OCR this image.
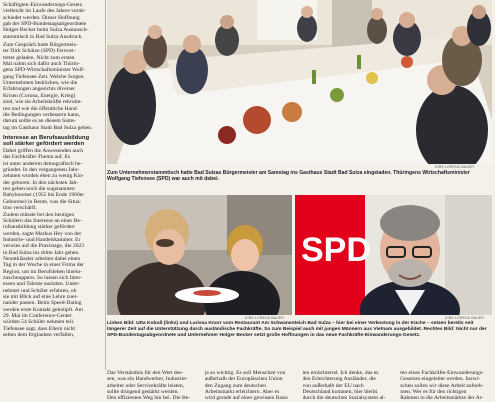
Schäftigten-Einwanderungs-Gesetz
vielleicht im Laufe des Jahres verab-
schiedet werden. Dieser Hoffnung
gab der SPD-Bundestagsabgeordnete
Holger Becker beim Sulza Austausch-
stammtisch in Bad Sulza Ausdruck.
Zum Gespräch hatte Bürgermeis-
ter Dirk Schütze (SPD) Fernver-
treter geladen. Nicht zum ersten
Mal nahm sich dafür auch Thürin-
gens SPD-Wirtschaftsminister Wolf-
gang Tiefensee Zeit. Welche Sorgen
Unternehmen bedrücken, wie die
Erfahrungen angesichts diverser
Krisen (Corona, Energie, Krieg)
sind, wie sie Arbeitskräfte rekrutie-
ren und wie die öffentliche Hand
die Bedingungen verbessern kann,
darum sollte es an diesem Sams-
tag im Gasthaus Stadt Bad Sulza gehen.
Interesse an Berufsausbildung
soll stärker gefördert werden
Dabei griffen die Anwesenden auch
das Fachkräfte-Thema auf. Es
ist unter anderem demografisch be-
gründet. In den vergangenen Jahr-
zehnten wurden eben zu wenig Kin-
der geboren. In den nächsten Jah-
ren gehen noch die sogenannten
Babyboomer (1955 bis Ende 1960er
Geborene) in Rente, was die Situa-
tion verschärft.
Zudem müsste bei den heutigen
Schülern das Interesse an einer Be-
rufsausbildung stärker gefördert
werden, sagte Markus Hey von der
Industrie- und Handelskammer. Er
verwies auf die Praxistage, die 2023
in Bad Sulza ins dritte Jahr gehen.
Neuntklässler arbeiten dabei einen
Tag in der Woche in einer Firma der
Region, um im Berufsleben hinein-
zuschnuppern. So lassen sich Inter-
essen und Talente ausloten. Unter-
nehmer und Schüler erfahren, ob
sie mit Blick auf eine Lehre zuei-
nander passen. Beim Speed-Dating
werden erste Kontakt geknüpft. Am
29. Mai im Conference-Center
würden 54 Schüler nehmen teil.
Tiefensee sagt, dass Eltern nicht
selten dem Irrglauben verfallen,
DIRK LORENZ-BAUER
Zum Unternehmerstammtisch hatte Bad Sulzas Bürgermeister am Samstag ins Gasthaus Stadt Bad Sulza eingeladen. Thüringens Wirtschaftsminister Wolfgang Tiefensee (SPD) war auch mit dabei.
DIRK LORENZ-BAUER
SPD
DIRK LORENZ-BAUER
Linkes Bild: Utta Kobuß (links) und Larissa Knorr vom Restaurant Am Schwanenteich Bad Sulza – hier bei einer Verkostung in der Küche – setzen bereits seit längerer Zeit auf die Unterstützung durch ausländische Fachkräfte. So zum Beispiel auch mit jungen Männern aus Vietnam ausgebildet. Rechtes Bild: Nicht nur der SPD-Bundestagsabgeordnete und Unternehmer Holger Becker setzt große Hoffnungen in das neue Fachkräfte-Einwanderungs-Gesetz.
Das Verständnis für den Wert des-
sen, was ein Handwerker, Industrie-
arbeiter oder Servicekräfte leisten,
sollte dringend gestärkt werden.
Den effizienten Weg hin bei. Die Be-
ja so wichtig. Es soll Menschen von
außerhalb der Europäischen Union
den Zugang zum deutschen
Arbeitsmarkt erleichtern. Aber es
wird gerade auf einer gewissen Basis
ten ernüchternd. Ich denke, das es
den Erleichterung Ausländer, die
von außerhalb der EU nach
Deutschland kommen, hier bleibt.
durch die deutschen Sozialsystem al-
ten eines Fachkräfte-Einwanderungs-
Gesetzes eingeleitet werden. Inzwi-
schen sollen wir diese Arbeit aufneh-
men. Wer es für den richtigen
Rahmen in die Arbeitsmärkte der Ar-
